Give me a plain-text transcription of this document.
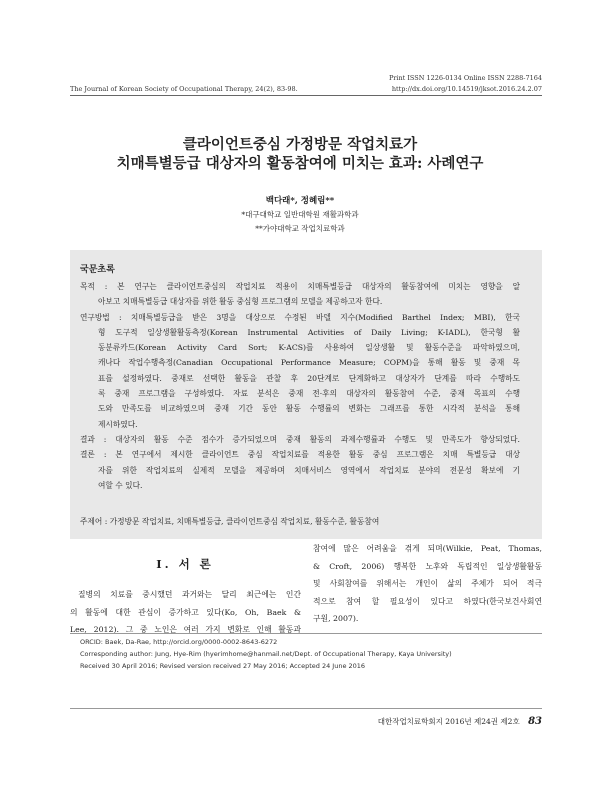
Print ISSN 1226-0134 Online ISSN 2288-7164
http://dx.doi.org/10.14519/jksot.2016.24.2.07
The Journal of Korean Society of Occupational Therapy, 24(2), 83-98.
클라이언트중심 가정방문 작업치료가
치매특별등급 대상자의 활동참여에 미치는 효과: 사례연구
백다래*, 정혜림**
*대구대학교 일반대학원 재활과학과
**가야대학교 작업치료학과
국문초록
목적 : 본 연구는 클라이언트중심의 작업치료 적용이 치매특별등급 대상자의 활동참여에 미치는 영향을 알
아보고 치매특별등급 대상자를 위한 활동 중심형 프로그램의 모델을 제공하고자 한다.
연구방법 : 치매특별등급을 받은 3명을 대상으로 수정된 바델 지수(Modified Barthel Index; MBI), 한국
형 도구적 일상생활활동측정(Korean Instrumental Activities of Daily Living; K-IADL), 한국형 활
동분류카드(Korean Activity Card Sort; K-ACS)를 사용하여 일상생활 및 활동수준을 파악하였으며,
캐나다 작업수행측정(Canadian Occupational Performance Measure; COPM)을 통해 활동 및 중재 목
표를 설정하였다. 중재로 선택한 활동을 관찰 후 20단계로 단계화하고 대상자가 단계를 따라 수행하도
록 중재 프로그램을 구성하였다. 자료 분석은 중재 전·후의 대상자의 활동참여 수준, 중재 목표의 수행
도와 만족도를 비교하였으며 중재 기간 동안 활동 수행률의 변화는 그래프를 통한 시각적 분석을 통해
제시하였다.
결과 : 대상자의 활동 수준 점수가 증가되었으며 중재 활동의 과제수행률과 수행도 및 만족도가 향상되었다.
결론 : 본 연구에서 제시한 클라이언트 중심 작업치료를 적용한 활동 중심 프로그램은 치매 특별등급 대상
자를 위한 작업치료의 실제적 모델을 제공하며 치매서비스 영역에서 작업치료 분야의 전문성 확보에 기
여할 수 있다.
주제어 : 가정방문 작업치료, 치매특별등급, 클라이언트중심 작업치료, 활동수준, 활동참여
Ⅰ. 서 론
질병의 치료를 중시했던 과거와는 달리 최근에는 인간
의 활동에 대한 관심이 증가하고 있다(Ko, Oh, Baek &
Lee, 2012). 그 중 노인은 여러 가지 변화로 인해 활동과
참여에 많은 어려움을 겪게 되며(Wilkie, Peat, Thomas,
& Croft, 2006) 행복한 노후와 독립적인 일상생활활동
및 사회참여를 위해서는 개인이 삶의 주체가 되어 적극
적으로 참여 할 필요성이 있다고 하였다(한국보건사회연
구원, 2007).
ORCID: Baek, Da-Rae, http://orcid.org/0000-0002-8643-6272
Corresponding author: Jung, Hye-Rim (hyerimhome@hanmail.net/Dept. of Occupational Therapy, Kaya University)
Received 30 April 2016; Revised version received 27 May 2016; Accepted 24 June 2016
대한작업치료학회지 2016년 제24권 제2호 83
